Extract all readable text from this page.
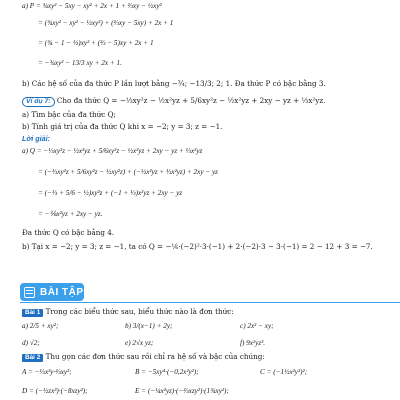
a) P = ¾xy² − 5xy − xy² + 2x + 1 + ⅔xy − ½xy²
= (¾xy² − xy² − ½xy²) + (⅔xy − 5xy) + 2x + 1
= (¾ − 1 − ½)xy² + (⅔ − 5)xy + 2x + 1
= −¾xy² − 13/3 xy + 2x + 1.
b) Các hệ số của đa thức P lần lượt bằng −¾; −13/3; 2; 1. Đa thức P có bậc bằng 3.
Ví dụ 7: Cho đa thức Q = −⅓xy²z − ½x²yz + 5/6xy²z − ½x²yz + 2xy − yz + ⅓x²yz.
a) Tìm bậc của đa thức Q;
b) Tính giá trị của đa thức Q khi x = −2; y = 3; z = −1.
Lời giải:
a) Q = −⅓xy²z − ½x²yz + 5/6xy²z − ½x²yz + 2xy − yz + ⅓x²yz
= (−⅓xy²z + 5/6xy²z − ½xy²z) + (−½x²yz + ⅓x²yz) + 2xy − yz
= (−⅓ + 5/6 − ½)xy²z + (−1 + ⅓)x²yz + 2xy − yz
= −⅙x²yz + 2xy − yz.
Đa thức Q có bậc bằng 4.
b) Tại x = −2; y = 3; z = −1, ta có Q = −⅙·(−2)²·3·(−1) + 2·(−2)·3 − 3·(−1) = 2 − 12 + 3 = −7.
BÀI TẬP
Bài 1 Trong các biểu thức sau, biểu thức nào là đơn thức:
a) 2/5 + xy²;	b) 3/(x−1) + 2y;	c) 2x² − xy;
d) √2;	e) 2√x yz;	f) 9x²yz³.
Bài 2 Thu gọn các đơn thức sau rồi chỉ ra hệ số và bậc của chúng:
A = −⅓x³y·⅔xy³;	B = −5xy⁴·(−0,2x²y²);	C = (−1½x²y³)²;
D = (−½zx³)·(−8xzy²);	E = (−¼x²yz)·(−⅔xzy²)·(1¾xy²);
